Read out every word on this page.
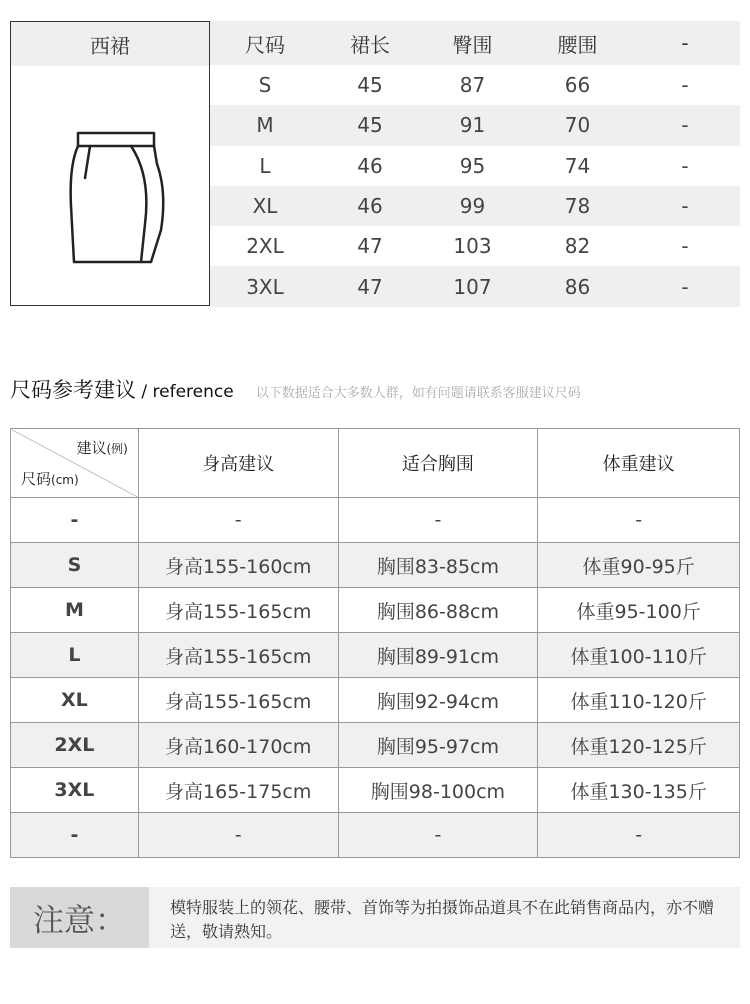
西裙	尺码	裙长	臀围	腰围	-
S	45	87	66	-
M	45	91	70	-
L	46	95	74	-
XL	46	99	78	-
2XL	47	103	82	-
3XL	47	107	86	-
尺码参考建议 / reference 以下数据适合大多数人群，如有问题请联系客服建议尺码
建议(例)
尺码(cm)	身高建议	适合胸围	体重建议
-	-	-	-
S	身高155-160cm	胸围83-85cm	体重90-95斤
M	身高155-165cm	胸围86-88cm	体重95-100斤
L	身高155-165cm	胸围89-91cm	体重100-110斤
XL	身高155-165cm	胸围92-94cm	体重110-120斤
2XL	身高160-170cm	胸围95-97cm	体重120-125斤
3XL	身高165-175cm	胸围98-100cm	体重130-135斤
-	-	-	-
注意：	模特服装上的领花、腰带、首饰等为拍摄饰品道具不在此销售商品内，亦不赠送，敬请熟知。
